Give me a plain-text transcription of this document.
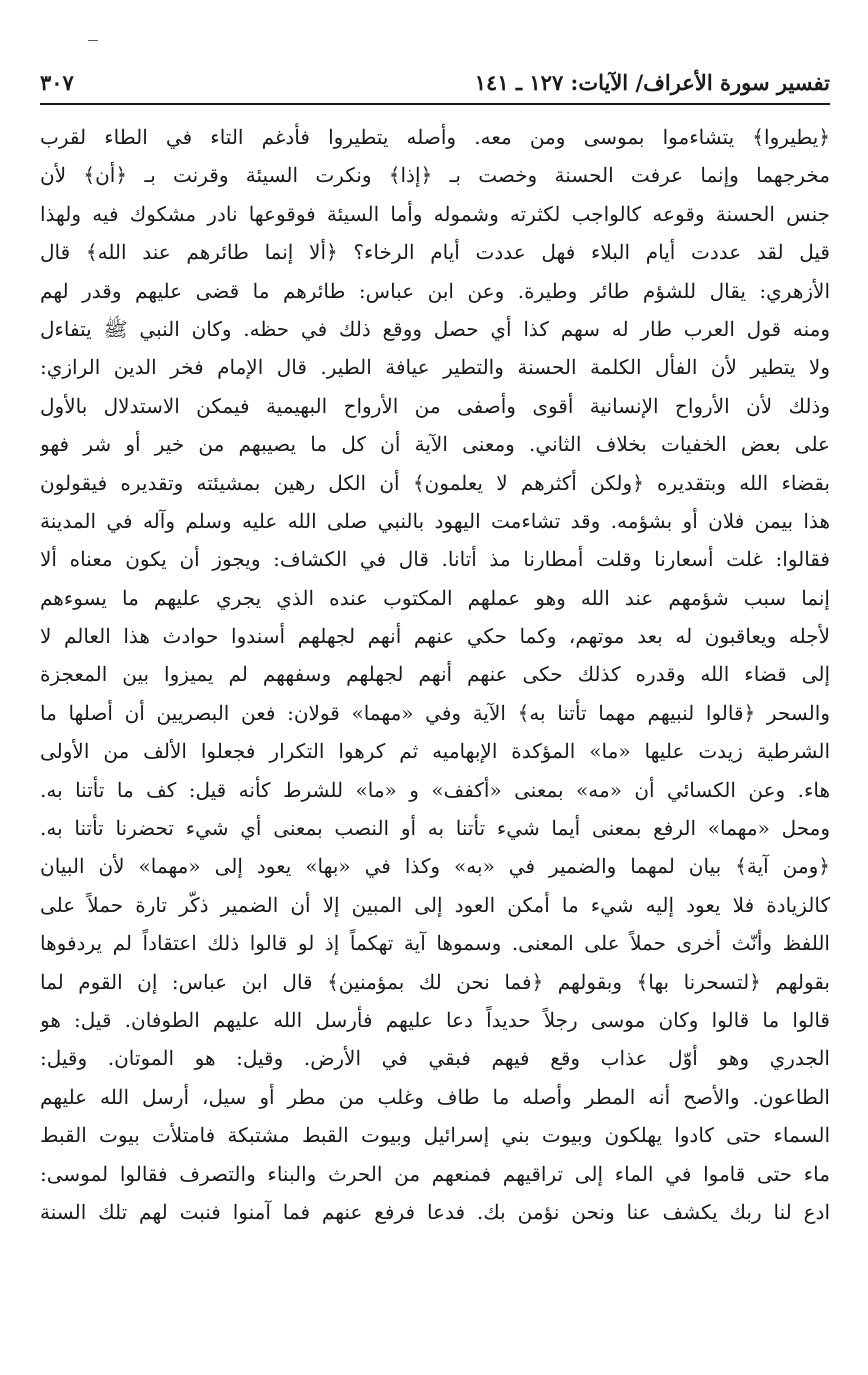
تفسير سورة الأعراف/ الآيات: ١٢٧ ـ ١٤١
٣٠٧
﴿يطيروا﴾ يتشاءموا بموسى ومن معه. وأصله يتطيروا فأدغم التاء في الطاء لقرب
مخرجهما وإنما عرفت الحسنة وخصت بـ ﴿إذا﴾ ونكرت السيئة وقرنت بـ ﴿أن﴾ لأن
جنس الحسنة وقوعه كالواجب لكثرته وشموله وأما السيئة فوقوعها نادر مشكوك فيه ولهذا
قيل لقد عددت أيام البلاء فهل عددت أيام الرخاء؟ ﴿ألا إنما طائرهم عند الله﴾ قال
الأزهري: يقال للشؤم طائر وطيرة. وعن ابن عباس: طائرهم ما قضى عليهم وقدر لهم
ومنه قول العرب طار له سهم كذا أي حصل ووقع ذلك في حظه. وكان النبي ﷺ يتفاءل
ولا يتطير لأن الفأل الكلمة الحسنة والتطير عيافة الطير. قال الإمام فخر الدين الرازي:
وذلك لأن الأرواح الإنسانية أقوى وأصفى من الأرواح البهيمية فيمكن الاستدلال بالأول
على بعض الخفيات بخلاف الثاني. ومعنى الآية أن كل ما يصيبهم من خير أو شر فهو
بقضاء الله وبتقديره ﴿ولكن أكثرهم لا يعلمون﴾ أن الكل رهين بمشيئته وتقديره فيقولون
هذا بيمن فلان أو بشؤمه. وقد تشاءمت اليهود بالنبي صلى الله عليه وسلم وآله في المدينة
فقالوا: غلت أسعارنا وقلت أمطارنا مذ أتانا. قال في الكشاف: ويجوز أن يكون معناه ألا
إنما سبب شؤمهم عند الله وهو عملهم المكتوب عنده الذي يجري عليهم ما يسوءهم
لأجله ويعاقبون له بعد موتهم، وكما حكي عنهم أنهم لجهلهم أسندوا حوادث هذا العالم لا
إلى قضاء الله وقدره كذلك حكى عنهم أنهم لجهلهم وسفههم لم يميزوا بين المعجزة
والسحر ﴿قالوا لنبيهم مهما تأتنا به﴾ الآية وفي «مهما» قولان: فعن البصريين أن أصلها ما
الشرطية زيدت عليها «ما» المؤكدة الإبهاميه ثم كرهوا التكرار فجعلوا الألف من الأولى
هاء. وعن الكسائي أن «مه» بمعنى «أكفف» و «ما» للشرط كأنه قيل: كف ما تأتنا به.
ومحل «مهما» الرفع بمعنى أيما شيء تأتنا به أو النصب بمعنى أي شيء تحضرنا تأتنا به.
﴿ومن آية﴾ بيان لمهما والضمير في «به» وكذا في «بها» يعود إلى «مهما» لأن البيان
كالزيادة فلا يعود إليه شيء ما أمكن العود إلى المبين إلا أن الضمير ذكّر تارة حملاً على
اللفظ وأنّث أخرى حملاً على المعنى. وسموها آية تهكماً إذ لو قالوا ذلك اعتقاداً لم يردفوها
بقولهم ﴿لتسحرنا بها﴾ وبقولهم ﴿فما نحن لك بمؤمنين﴾ قال ابن عباس: إن القوم لما
قالوا ما قالوا وكان موسى رجلاً حديداً دعا عليهم فأرسل الله عليهم الطوفان. قيل: هو
الجدري وهو أوّل عذاب وقع فيهم فبقي في الأرض. وقيل: هو الموتان. وقيل:
الطاعون. والأصح أنه المطر وأصله ما طاف وغلب من مطر أو سيل، أرسل الله عليهم
السماء حتى كادوا يهلكون وبيوت بني إسرائيل وبيوت القبط مشتبكة فامتلأت بيوت القبط
ماء حتى قاموا في الماء إلى تراقيهم فمنعهم من الحرث والبناء والتصرف فقالوا لموسى:
ادع لنا ربك يكشف عنا ونحن نؤمن بك. فدعا فرفع عنهم فما آمنوا فنبت لهم تلك السنة
